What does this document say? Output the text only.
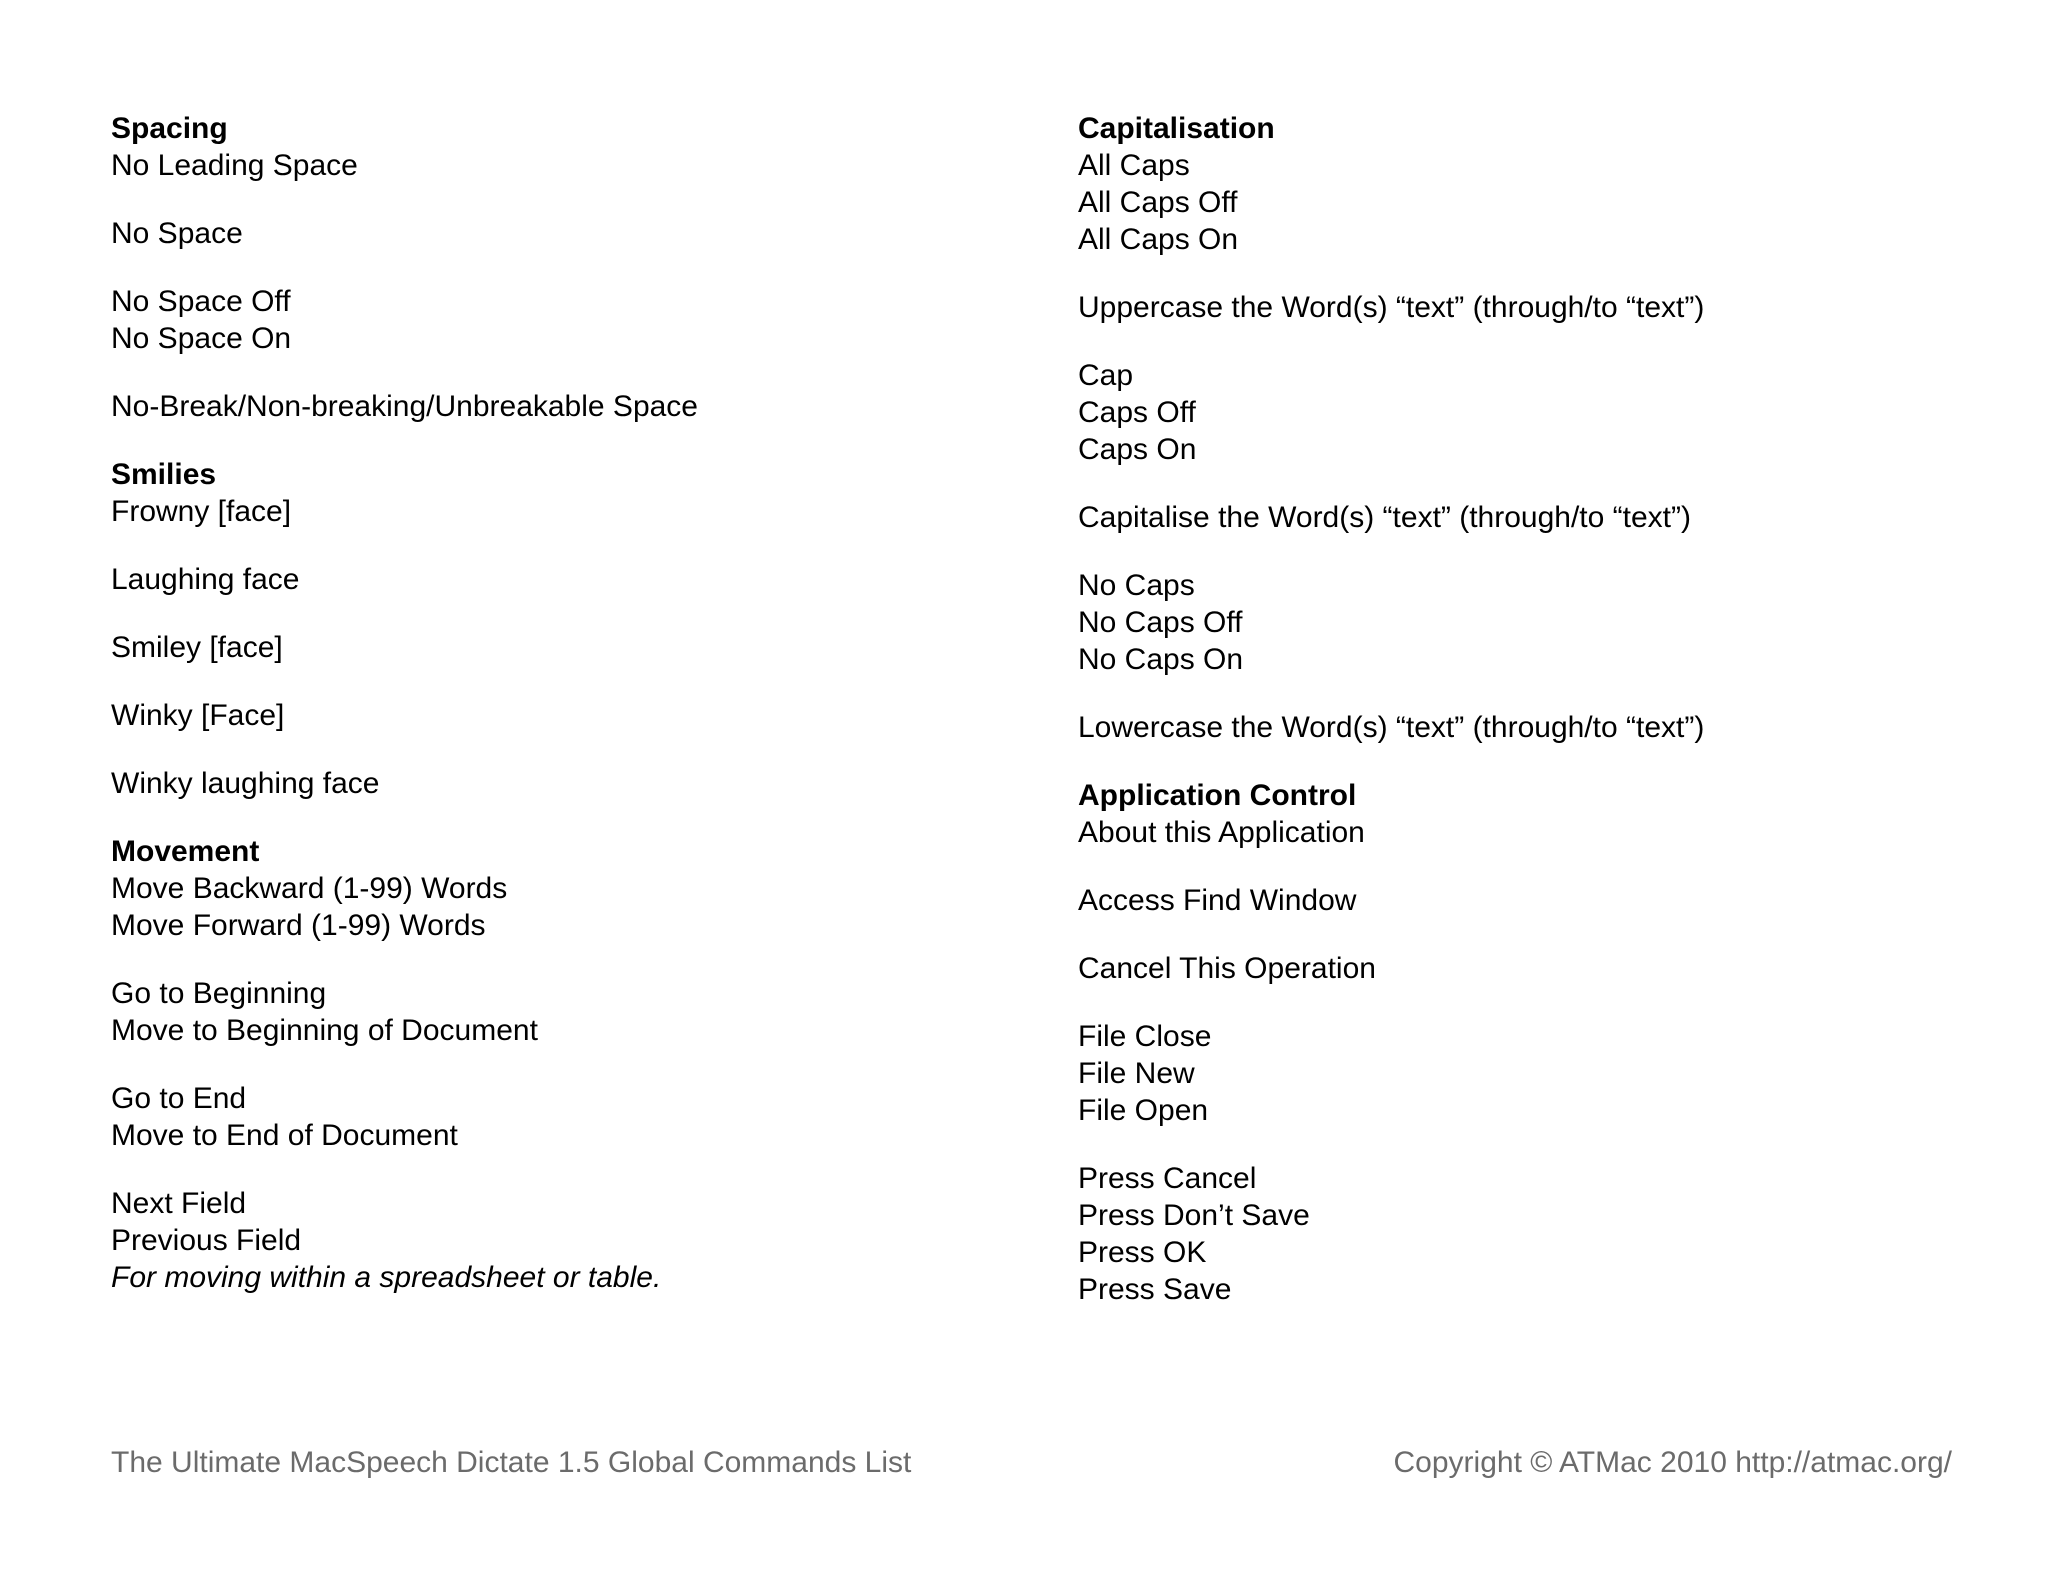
Spacing
No Leading Space
No Space
No Space Off
No Space On
No-Break/Non-breaking/Unbreakable Space
Smilies
Frowny [face]
Laughing face
Smiley [face]
Winky [Face]
Winky laughing face
Movement
Move Backward (1-99) Words
Move Forward (1-99) Words
Go to Beginning
Move to Beginning of Document
Go to End
Move to End of Document
Next Field
Previous Field
For moving within a spreadsheet or table.
Capitalisation
All Caps
All Caps Off
All Caps On
Uppercase the Word(s) “text” (through/to “text”)
Cap
Caps Off
Caps On
Capitalise the Word(s) “text” (through/to “text”)
No Caps
No Caps Off
No Caps On
Lowercase the Word(s) “text” (through/to “text”)
Application Control
About this Application
Access Find Window
Cancel This Operation
File Close
File New
File Open
Press Cancel
Press Don’t Save
Press OK
Press Save
The Ultimate MacSpeech Dictate 1.5 Global Commands List	Copyright © ATMac 2010 http://atmac.org/
